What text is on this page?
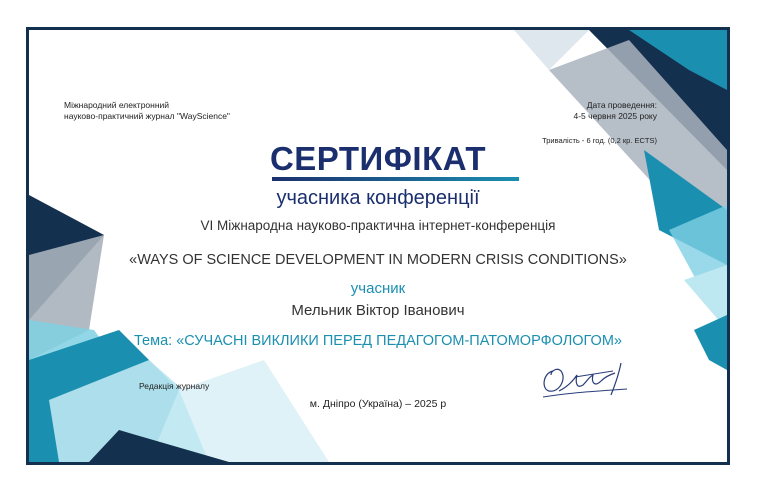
Міжнародний електронний
науково-практичний журнал "WayScience"
Дата проведення:
4-5 червня 2025 року
Тривалість - 6 год. (0,2 кр. ECTS)
СЕРТИФІКАТ
учасника конференції
VI Міжнародна науково-практична інтернет-конференція
«WAYS OF SCIENCE DEVELOPMENT IN MODERN CRISIS CONDITIONS»
учасник
Мельник Віктор Іванович
Тема: «СУЧАСНІ ВИКЛИКИ ПЕРЕД ПЕДАГОГОМ-ПАТОМОРФОЛОГОМ»
Редакція журналу
м. Дніпро (Україна) – 2025 р
